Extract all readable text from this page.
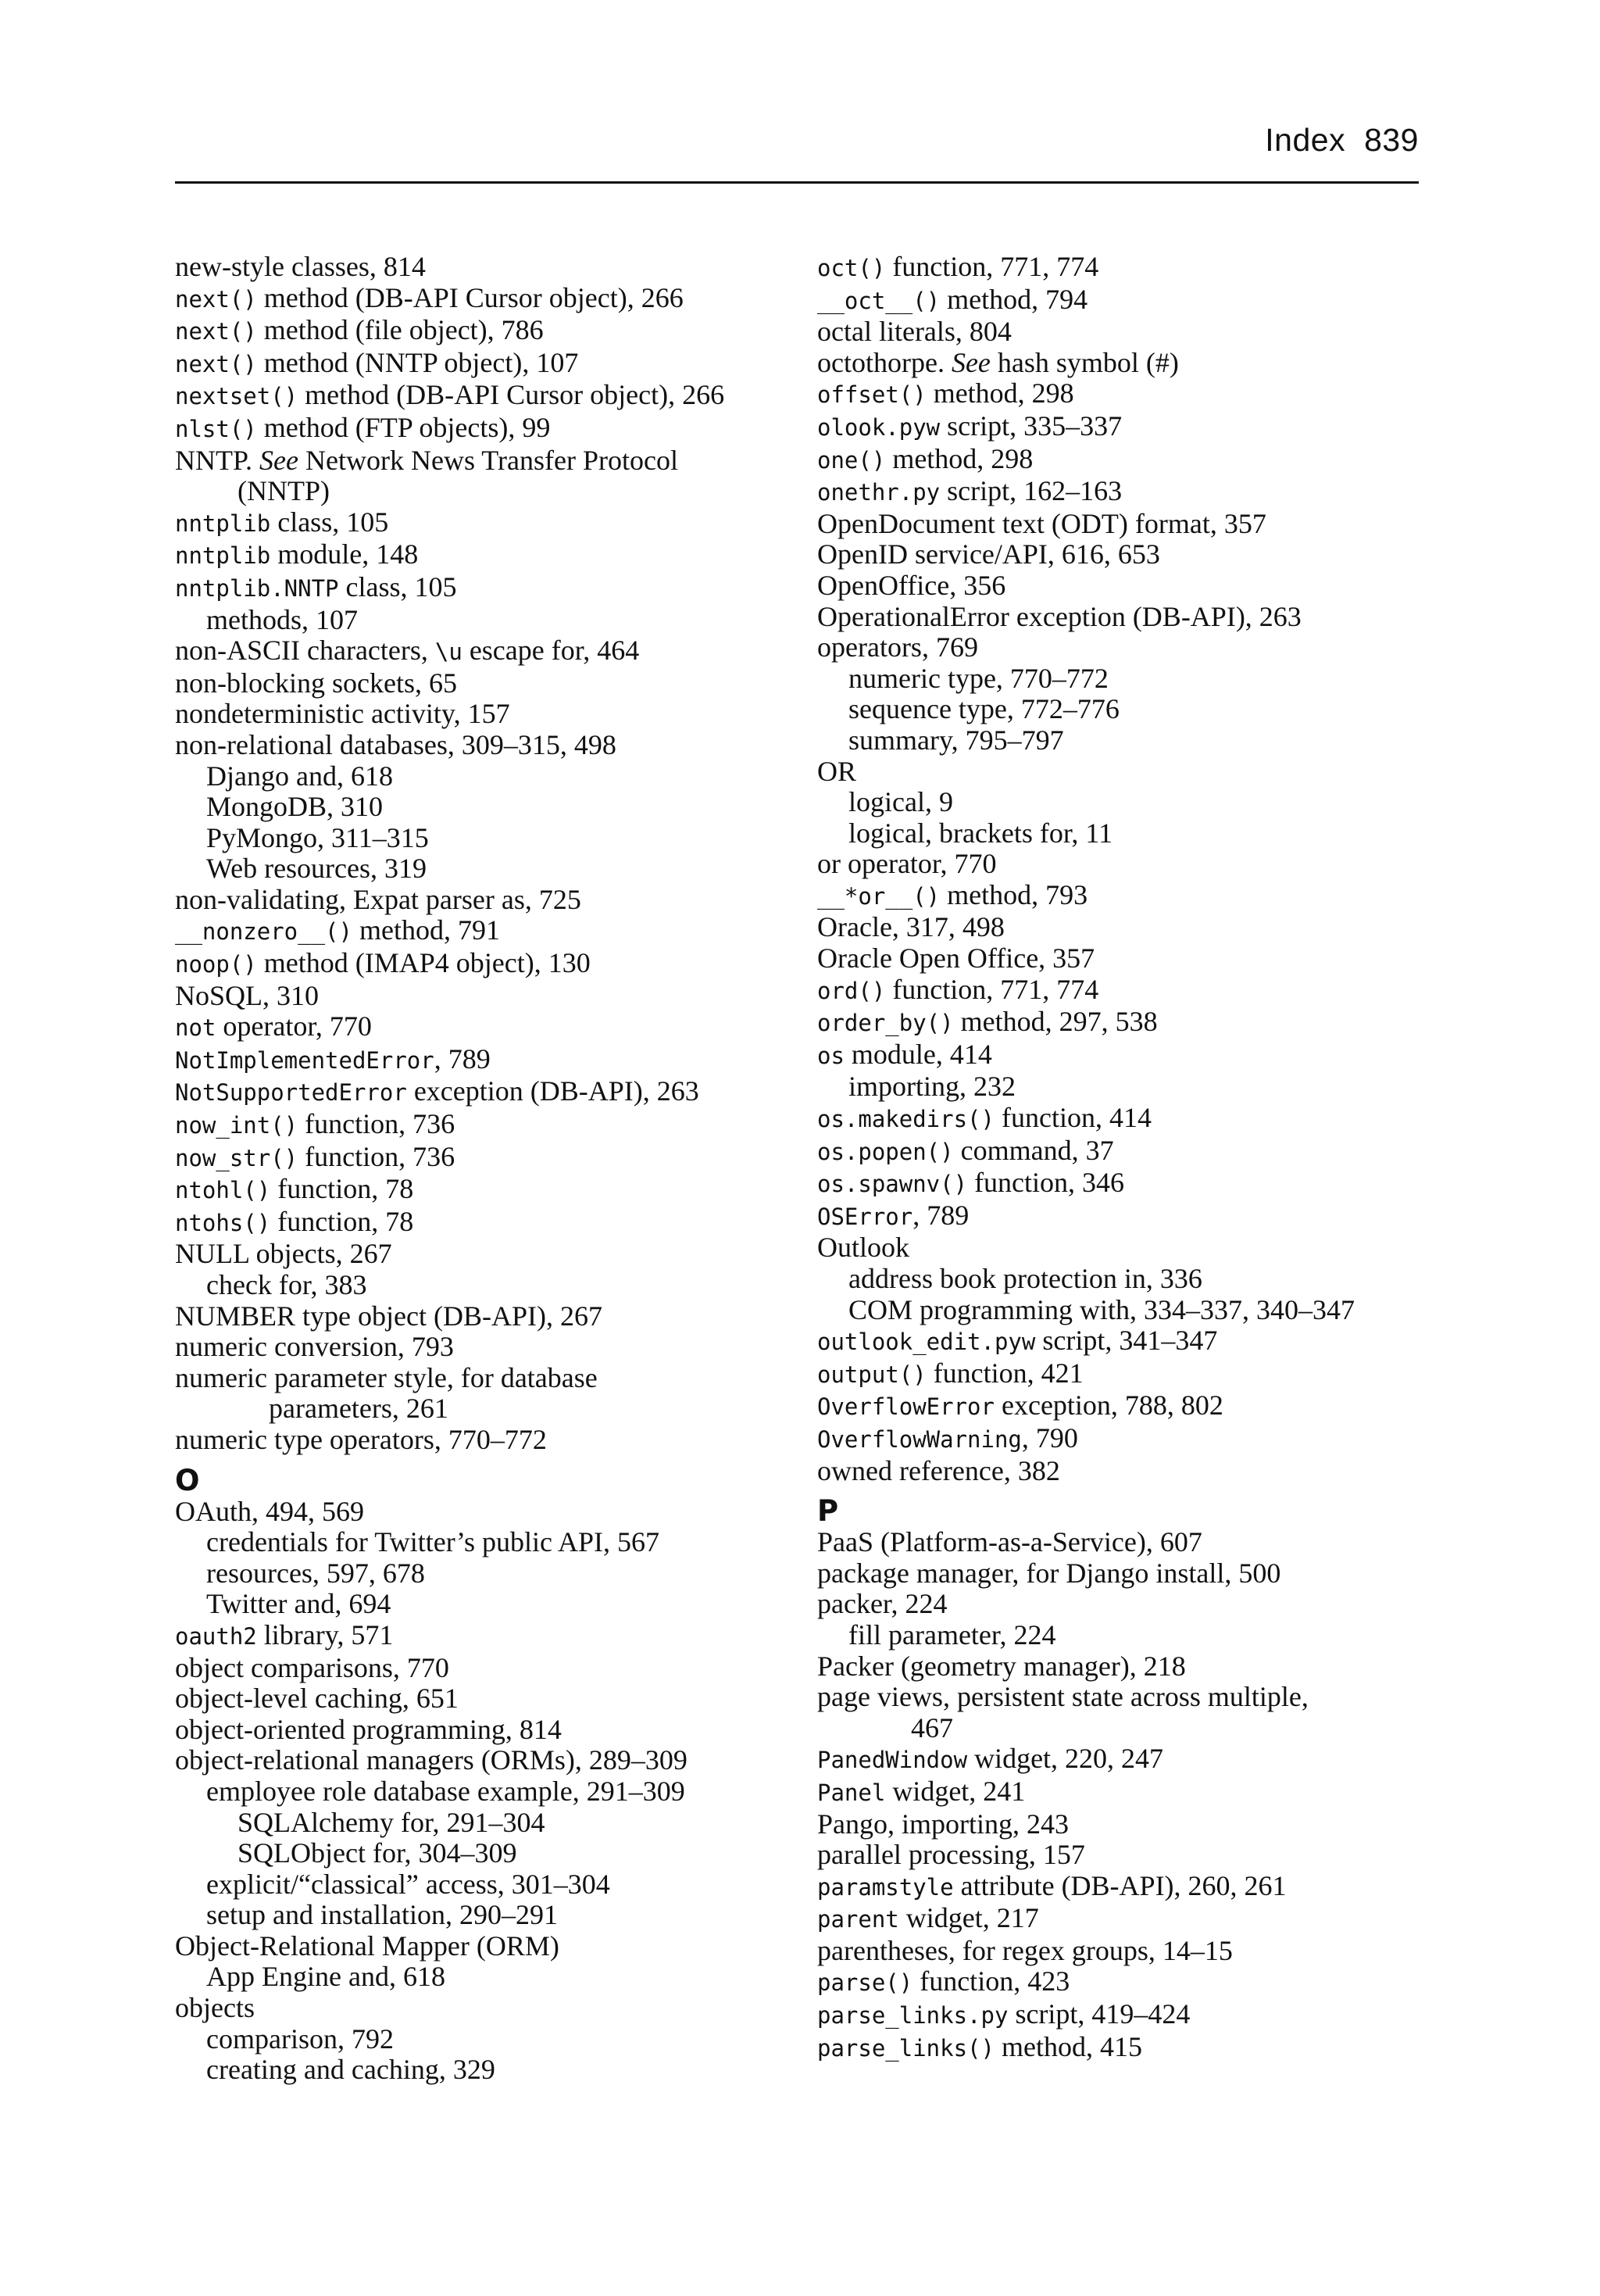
Index 839
new-style classes, 814
next() method (DB-API Cursor object), 266
next() method (file object), 786
next() method (NNTP object), 107
nextset() method (DB-API Cursor object), 266
nlst() method (FTP objects), 99
NNTP. See Network News Transfer Protocol
(NNTP)
nntplib class, 105
nntplib module, 148
nntplib.NNTP class, 105
methods, 107
non-ASCII characters, \u escape for, 464
non-blocking sockets, 65
nondeterministic activity, 157
non-relational databases, 309–315, 498
Django and, 618
MongoDB, 310
PyMongo, 311–315
Web resources, 319
non-validating, Expat parser as, 725
__nonzero__() method, 791
noop() method (IMAP4 object), 130
NoSQL, 310
not operator, 770
NotImplementedError, 789
NotSupportedError exception (DB-API), 263
now_int() function, 736
now_str() function, 736
ntohl() function, 78
ntohs() function, 78
NULL objects, 267
check for, 383
NUMBER type object (DB-API), 267
numeric conversion, 793
numeric parameter style, for database
parameters, 261
numeric type operators, 770–772
O
OAuth, 494, 569
credentials for Twitter’s public API, 567
resources, 597, 678
Twitter and, 694
oauth2 library, 571
object comparisons, 770
object-level caching, 651
object-oriented programming, 814
object-relational managers (ORMs), 289–309
employee role database example, 291–309
SQLAlchemy for, 291–304
SQLObject for, 304–309
explicit/“classical” access, 301–304
setup and installation, 290–291
Object-Relational Mapper (ORM)
App Engine and, 618
objects
comparison, 792
creating and caching, 329
oct() function, 771, 774
__oct__() method, 794
octal literals, 804
octothorpe. See hash symbol (#)
offset() method, 298
olook.pyw script, 335–337
one() method, 298
onethr.py script, 162–163
OpenDocument text (ODT) format, 357
OpenID service/API, 616, 653
OpenOffice, 356
OperationalError exception (DB-API), 263
operators, 769
numeric type, 770–772
sequence type, 772–776
summary, 795–797
OR
logical, 9
logical, brackets for, 11
or operator, 770
__*or__() method, 793
Oracle, 317, 498
Oracle Open Office, 357
ord() function, 771, 774
order_by() method, 297, 538
os module, 414
importing, 232
os.makedirs() function, 414
os.popen() command, 37
os.spawnv() function, 346
OSError, 789
Outlook
address book protection in, 336
COM programming with, 334–337, 340–347
outlook_edit.pyw script, 341–347
output() function, 421
OverflowError exception, 788, 802
OverflowWarning, 790
owned reference, 382
P
PaaS (Platform-as-a-Service), 607
package manager, for Django install, 500
packer, 224
fill parameter, 224
Packer (geometry manager), 218
page views, persistent state across multiple,
467
PanedWindow widget, 220, 247
Panel widget, 241
Pango, importing, 243
parallel processing, 157
paramstyle attribute (DB-API), 260, 261
parent widget, 217
parentheses, for regex groups, 14–15
parse() function, 423
parse_links.py script, 419–424
parse_links() method, 415
